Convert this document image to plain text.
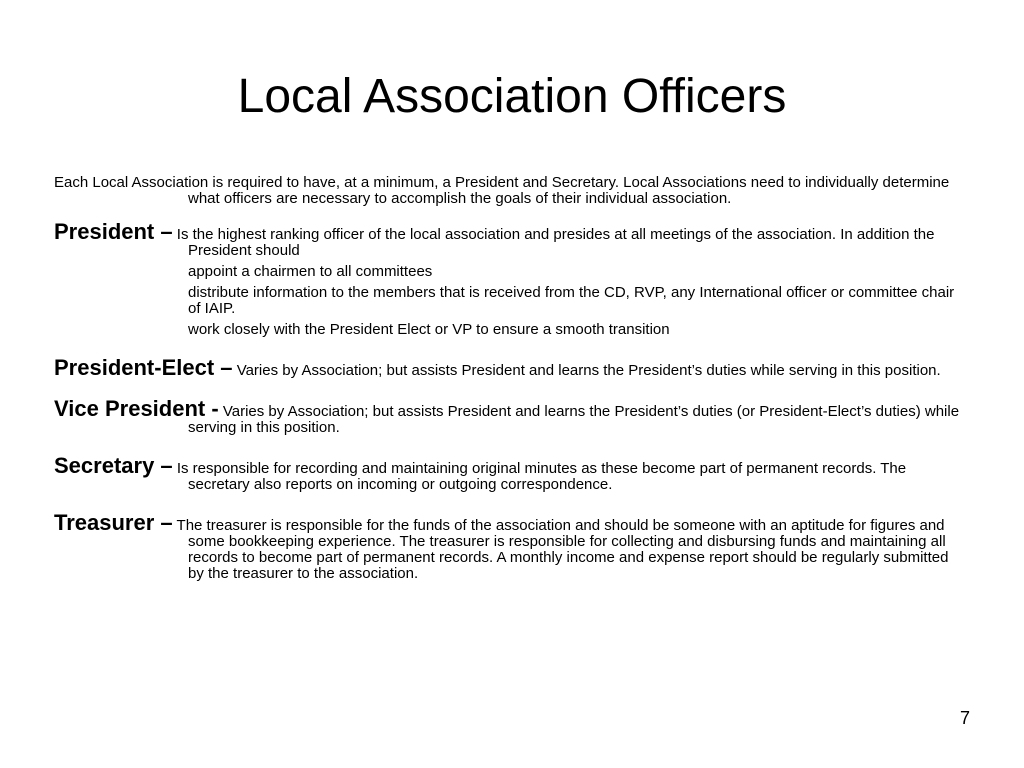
Local Association Officers

Each Local Association is required to have, at a minimum, a President and Secretary. Local Associations need to individually determine what officers are necessary to accomplish the goals of their individual association.

President – Is the highest ranking officer of the local association and presides at all meetings of the association. In addition the President should
appoint a chairmen to all committees
distribute information to the members that is received from the CD, RVP, any International officer or committee chair of IAIP.
work closely with the President Elect or VP to ensure a smooth transition

President-Elect – Varies by Association; but assists President and learns the President’s duties while serving in this position.

Vice President - Varies by Association; but assists President and learns the President’s duties (or President-Elect’s duties) while serving in this position.

Secretary – Is responsible for recording and maintaining original minutes as these become part of permanent records. The secretary also reports on incoming or outgoing correspondence.

Treasurer – The treasurer is responsible for the funds of the association and should be someone with an aptitude for figures and some bookkeeping experience. The treasurer is responsible for collecting and disbursing funds and maintaining all records to become part of permanent records. A monthly income and expense report should be regularly submitted by the treasurer to the association.

7
